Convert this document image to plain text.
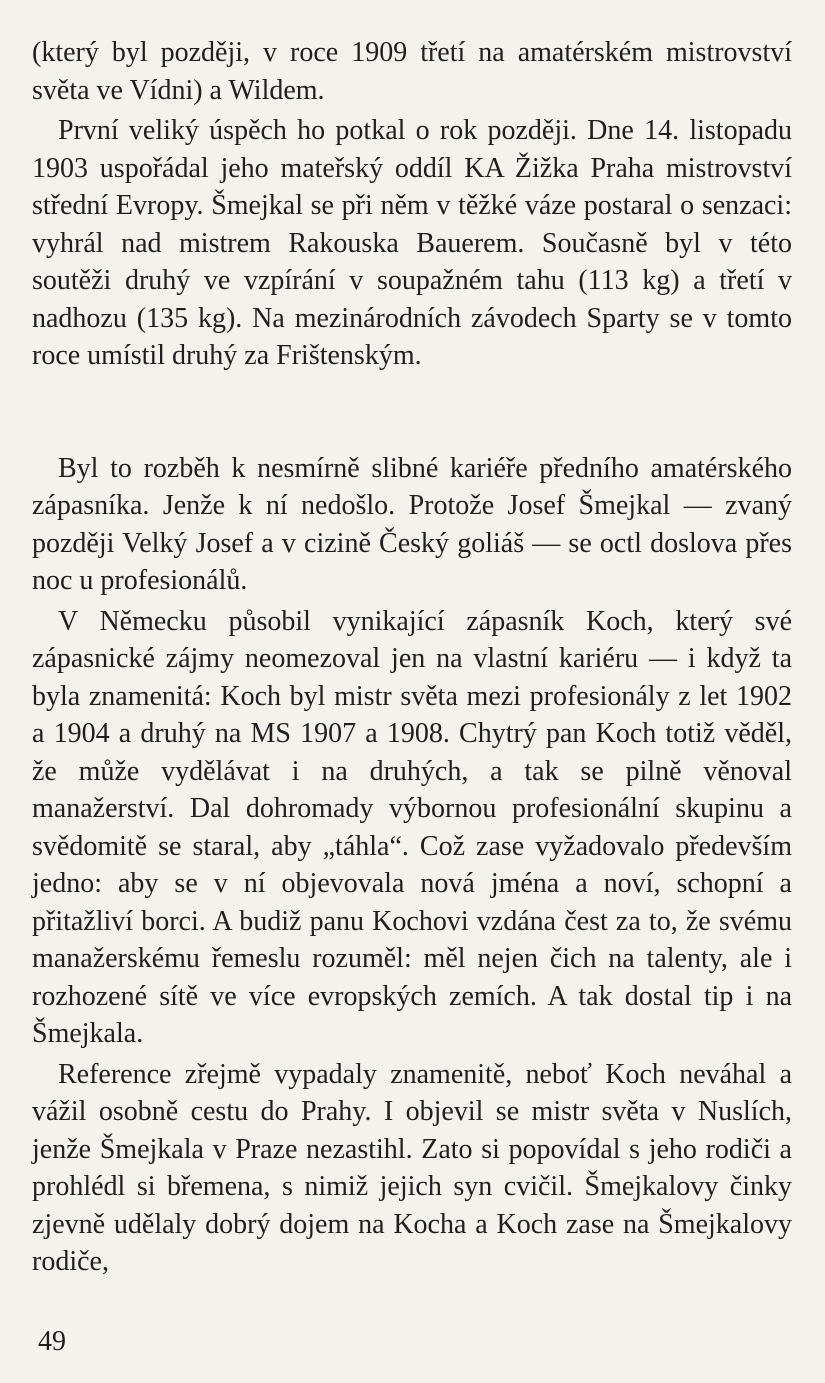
(který byl později, v roce 1909 třetí na amatérském mistrovství světa ve Vídni) a Wildem.

První veliký úspěch ho potkal o rok později. Dne 14. listopadu 1903 uspořádal jeho mateřský oddíl KA Žižka Praha mistrovství střední Evropy. Šmejkal se při něm v těžké váze postaral o senzaci: vyhrál nad mistrem Rakouska Bauerem. Současně byl v této soutěži druhý ve vzpírání v soupažném tahu (113 kg) a třetí v nadhozu (135 kg). Na mezinárodních závodech Sparty se v tomto roce umístil druhý za Frištenským.

Byl to rozběh k nesmírně slibné kariéře předního amatérského zápasníka. Jenže k ní nedošlo. Protože Josef Šmejkal — zvaný později Velký Josef a v cizině Český goliáš — se octl doslova přes noc u profesionálů.

V Německu působil vynikající zápasník Koch, který své zápasnické zájmy neomezoval jen na vlastní kariéru — i když ta byla znamenitá: Koch byl mistr světa mezi profesionály z let 1902 a 1904 a druhý na MS 1907 a 1908. Chytrý pan Koch totiž věděl, že může vydělávat i na druhých, a tak se pilně věnoval manažerství. Dal dohromady výbornou profesionální skupinu a svědomitě se staral, aby „táhla“. Což zase vyžadovalo především jedno: aby se v ní objevovala nová jména a noví, schopní a přitažliví borci. A budiž panu Kochovi vzdána čest za to, že svému manažerskému řemeslu rozuměl: měl nejen čich na talenty, ale i rozhozené sítě ve více evropských zemích. A tak dostal tip i na Šmejkala.

Reference zřejmě vypadaly znamenitě, neboť Koch neváhal a vážil osobně cestu do Prahy. I objevil se mistr světa v Nuslích, jenže Šmejkala v Praze nezastihl. Zato si popovídal s jeho rodiči a prohlédl si břemena, s nimiž jejich syn cvičil. Šmejkalovy činky zjevně udělaly dobrý dojem na Kocha a Koch zase na Šmejkalovy rodiče,

49
